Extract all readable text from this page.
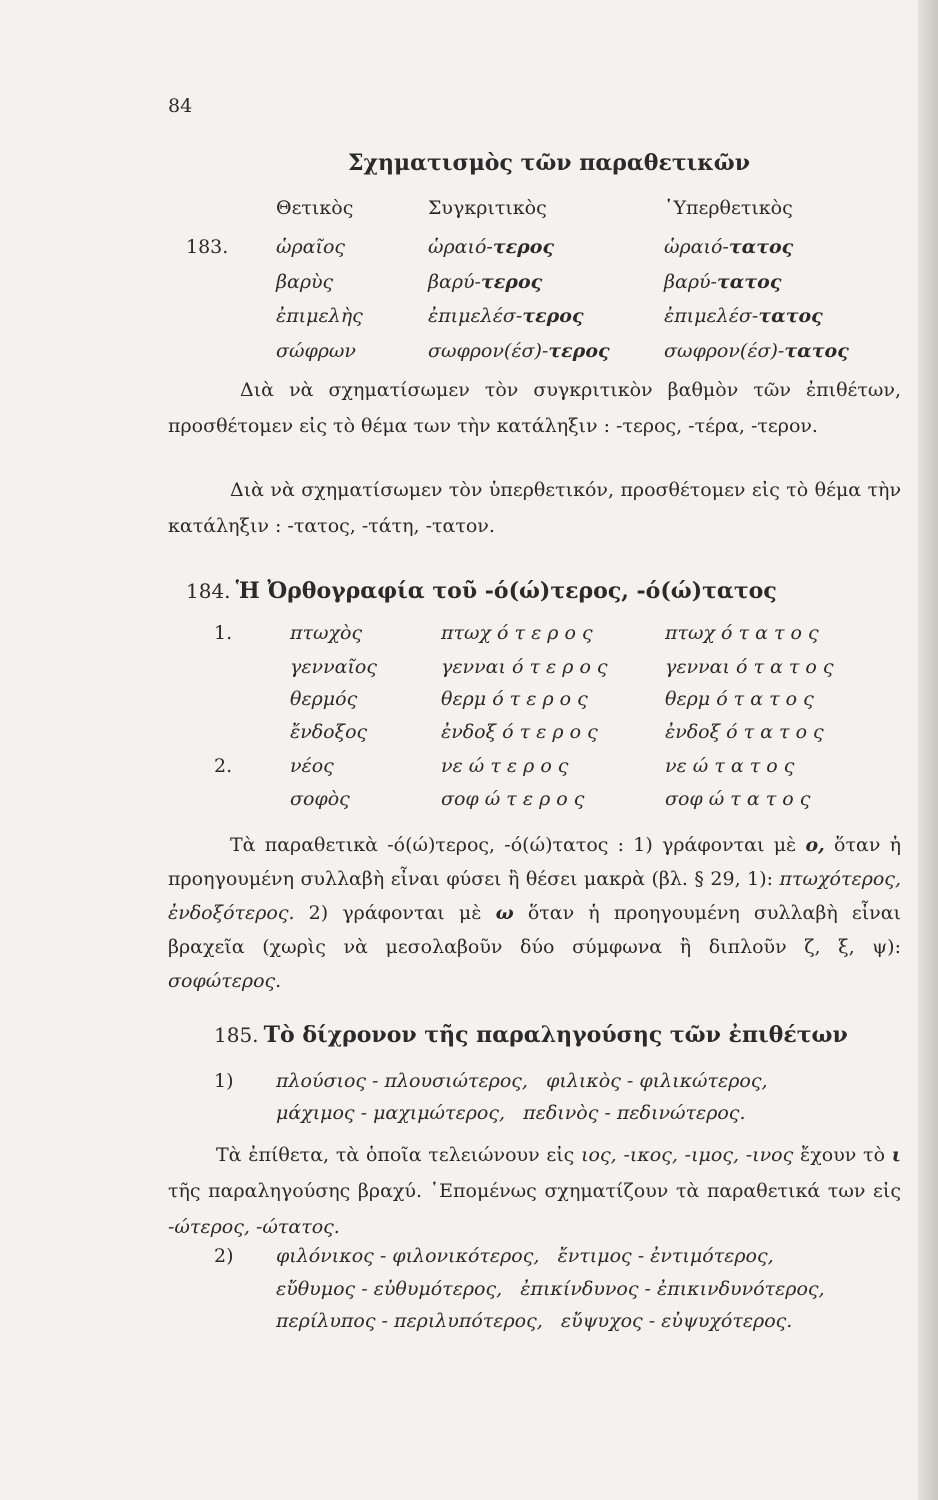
84
Σχηματισμὸς τῶν παραθετικῶν
Θετικὸς	Συγκριτικὸς	῾Υπερθετικὸς
183.	ὡραῖος	ὡραιό-τερος	ὡραιό-τατος
βαρὺς	βαρύ-τερος	βαρύ-τατος
ἐπιμελὴς	ἐπιμελέσ-τερος	ἐπιμελέσ-τατος
σώφρων	σωφρον(έσ)-τερος	σωφρον(έσ)-τατος
Διὰ νὰ σχηματίσωμεν τὸν συγκριτικὸν βαθμὸν τῶν ἐπιθέτων, προσθέτομεν εἰς τὸ θέμα των τὴν κατάληξιν : -τερος, -τέρα, -τερον.
Διὰ νὰ σχηματίσωμεν τὸν ὑπερθετικόν, προσθέτομεν εἰς τὸ θέμα τὴν κατάληξιν : -τατος, -τάτη, -τατον.
184. Ἡ Ὀρθογραφία τοῦ -ό(ώ)τερος, -ό(ώ)τατος
1.	πτωχὸς	πτωχ ό τ ε ρ ο ς	πτωχ ό τ α τ ο ς
γενναῖος	γενναι ό τ ε ρ ο ς	γενναι ό τ α τ ο ς
θερμός	θερμ ό τ ε ρ ο ς	θερμ ό τ α τ ο ς
ἔνδοξος	ἐνδοξ ό τ ε ρ ο ς	ἐνδοξ ό τ α τ ο ς
2.	νέος	νε ώ τ ε ρ ο ς	νε ώ τ α τ ο ς
σοφὸς	σοφ ώ τ ε ρ ο ς	σοφ ώ τ α τ ο ς
Τὰ παραθετικὰ -ό(ώ)τερος, -ό(ώ)τατος : 1) γράφονται μὲ ο, ὅταν ἡ προηγουμένη συλλαβὴ εἶναι φύσει ἢ θέσει μακρὰ (βλ. § 29, 1): πτωχότερος, ἐνδοξότερος. 2) γράφονται μὲ ω ὅταν ἡ προηγουμένη συλλαβὴ εἶναι βραχεῖα (χωρὶς νὰ μεσολαβοῦν δύο σύμφωνα ἢ διπλοῦν ζ, ξ, ψ): σοφώτερος.
185. Τὸ δίχρονον τῆς παραληγούσης τῶν ἐπιθέτων
1) πλούσιος - πλουσιώτερος,   φιλικὸς - φιλικώτερος,
μάχιμος - μαχιμώτερος,   πεδινὸς - πεδινώτερος.
Τὰ ἐπίθετα, τὰ ὁποῖα τελειώνουν εἰς ιος, -ικος, -ιμος, -ινος ἔχουν τὸ ι τῆς παραληγούσης βραχύ. ῾Επομένως σχηματίζουν τὰ παραθετικά των εἰς -ώτερος, -ώτατος.
2) φιλόνικος - φιλονικότερος,   ἔντιμος - ἐντιμότερος,
εὔθυμος - εὐθυμότερος,   ἐπικίνδυνος - ἐπικινδυνότερος,
περίλυπος - περιλυπότερος,   εὔψυχος - εὐψυχότερος.
